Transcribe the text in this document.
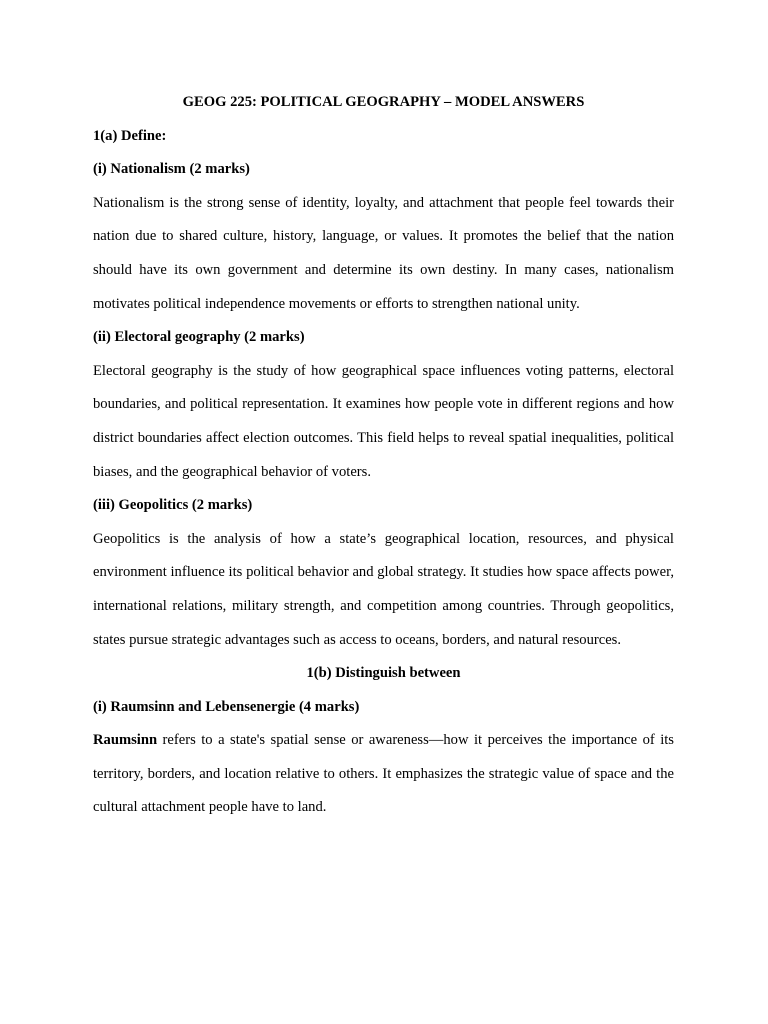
GEOG 225: POLITICAL GEOGRAPHY – MODEL ANSWERS

1(a) Define:

(i) Nationalism (2 marks)

Nationalism is the strong sense of identity, loyalty, and attachment that people feel towards their nation due to shared culture, history, language, or values. It promotes the belief that the nation should have its own government and determine its own destiny. In many cases, nationalism motivates political independence movements or efforts to strengthen national unity.

(ii) Electoral geography (2 marks)

Electoral geography is the study of how geographical space influences voting patterns, electoral boundaries, and political representation. It examines how people vote in different regions and how district boundaries affect election outcomes. This field helps to reveal spatial inequalities, political biases, and the geographical behavior of voters.

(iii) Geopolitics (2 marks)

Geopolitics is the analysis of how a state’s geographical location, resources, and physical environment influence its political behavior and global strategy. It studies how space affects power, international relations, military strength, and competition among countries. Through geopolitics, states pursue strategic advantages such as access to oceans, borders, and natural resources.

1(b) Distinguish between

(i) Raumsinn and Lebensenergie (4 marks)

Raumsinn refers to a state's spatial sense or awareness—how it perceives the importance of its territory, borders, and location relative to others. It emphasizes the strategic value of space and the cultural attachment people have to land.
